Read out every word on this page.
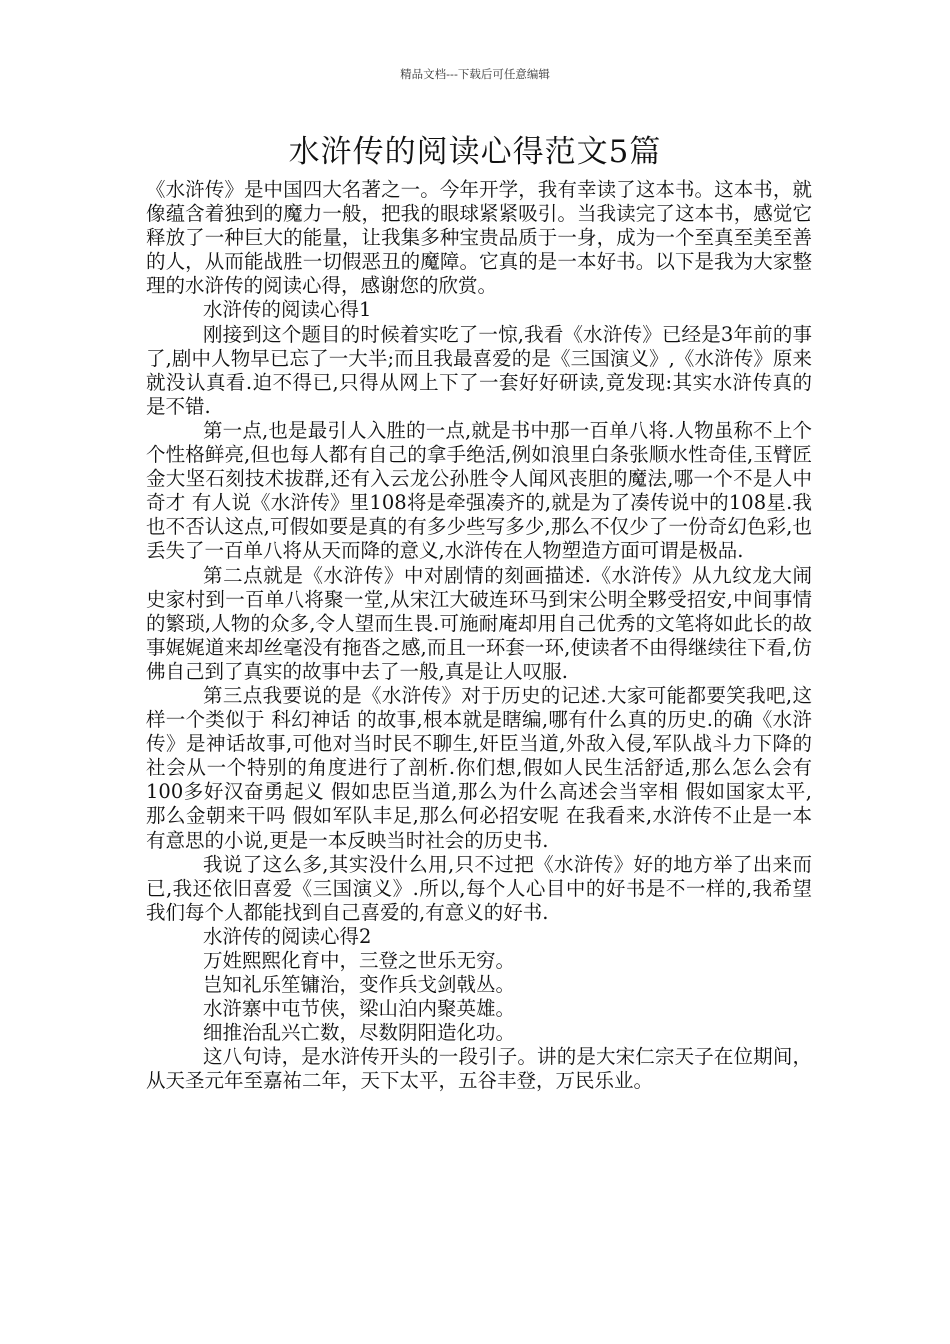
精品文档---下载后可任意编辑
水浒传的阅读心得范文5篇

《水浒传》是中国四大名著之一。今年开学，我有幸读了这本书。这本书，就像蕴含着独到的魔力一般，把我的眼球紧紧吸引。当我读完了这本书，感觉它释放了一种巨大的能量，让我集多种宝贵品质于一身，成为一个至真至美至善的人，从而能战胜一切假恶丑的魔障。它真的是一本好书。以下是我为大家整理的水浒传的阅读心得，感谢您的欣赏。

水浒传的阅读心得1

刚接到这个题目的时候着实吃了一惊,我看《水浒传》已经是3年前的事了,剧中人物早已忘了一大半;而且我最喜爱的是《三国演义》,《水浒传》原来就没认真看.迫不得已,只得从网上下了一套好好研读,竟发现:其实水浒传真的是不错.

第一点,也是最引人入胜的一点,就是书中那一百单八将.人物虽称不上个个性格鲜亮,但也每人都有自己的拿手绝活,例如浪里白条张顺水性奇佳,玉臂匠金大坚石刻技术拔群,还有入云龙公孙胜令人闻风丧胆的魔法,哪一个不是人中奇才 有人说《水浒传》里108将是牵强凑齐的,就是为了凑传说中的108星.我也不否认这点,可假如要是真的有多少些写多少,那么不仅少了一份奇幻色彩,也丢失了一百单八将从天而降的意义,水浒传在人物塑造方面可谓是极品.

第二点就是《水浒传》中对剧情的刻画描述.《水浒传》从九纹龙大闹史家村到一百单八将聚一堂,从宋江大破连环马到宋公明全夥受招安,中间事情的繁琐,人物的众多,令人望而生畏.可施耐庵却用自己优秀的文笔将如此长的故事娓娓道来却丝毫没有拖沓之感,而且一环套一环,使读者不由得继续往下看,仿佛自己到了真实的故事中去了一般,真是让人叹服.

第三点我要说的是《水浒传》对于历史的记述.大家可能都要笑我吧,这样一个类似于 科幻神话 的故事,根本就是瞎编,哪有什么真的历史.的确《水浒传》是神话故事,可他对当时民不聊生,奸臣当道,外敌入侵,军队战斗力下降的社会从一个特别的角度进行了剖析.你们想,假如人民生活舒适,那么怎么会有100多好汉奋勇起义 假如忠臣当道,那么为什么高述会当宰相 假如国家太平,那么金朝来干吗 假如军队丰足,那么何必招安呢 在我看来,水浒传不止是一本有意思的小说,更是一本反映当时社会的历史书.

我说了这么多,其实没什么用,只不过把《水浒传》好的地方举了出来而已,我还依旧喜爱《三国演义》.所以,每个人心目中的好书是不一样的,我希望我们每个人都能找到自己喜爱的,有意义的好书.

水浒传的阅读心得2

万姓熙熙化育中，三登之世乐无穷。

岂知礼乐笙镛治，变作兵戈剑戟丛。

水浒寨中屯节侠，梁山泊内聚英雄。

细推治乱兴亡数，尽数阴阳造化功。

这八句诗，是水浒传开头的一段引子。讲的是大宋仁宗天子在位期间，从天圣元年至嘉祐二年，天下太平，五谷丰登，万民乐业。
